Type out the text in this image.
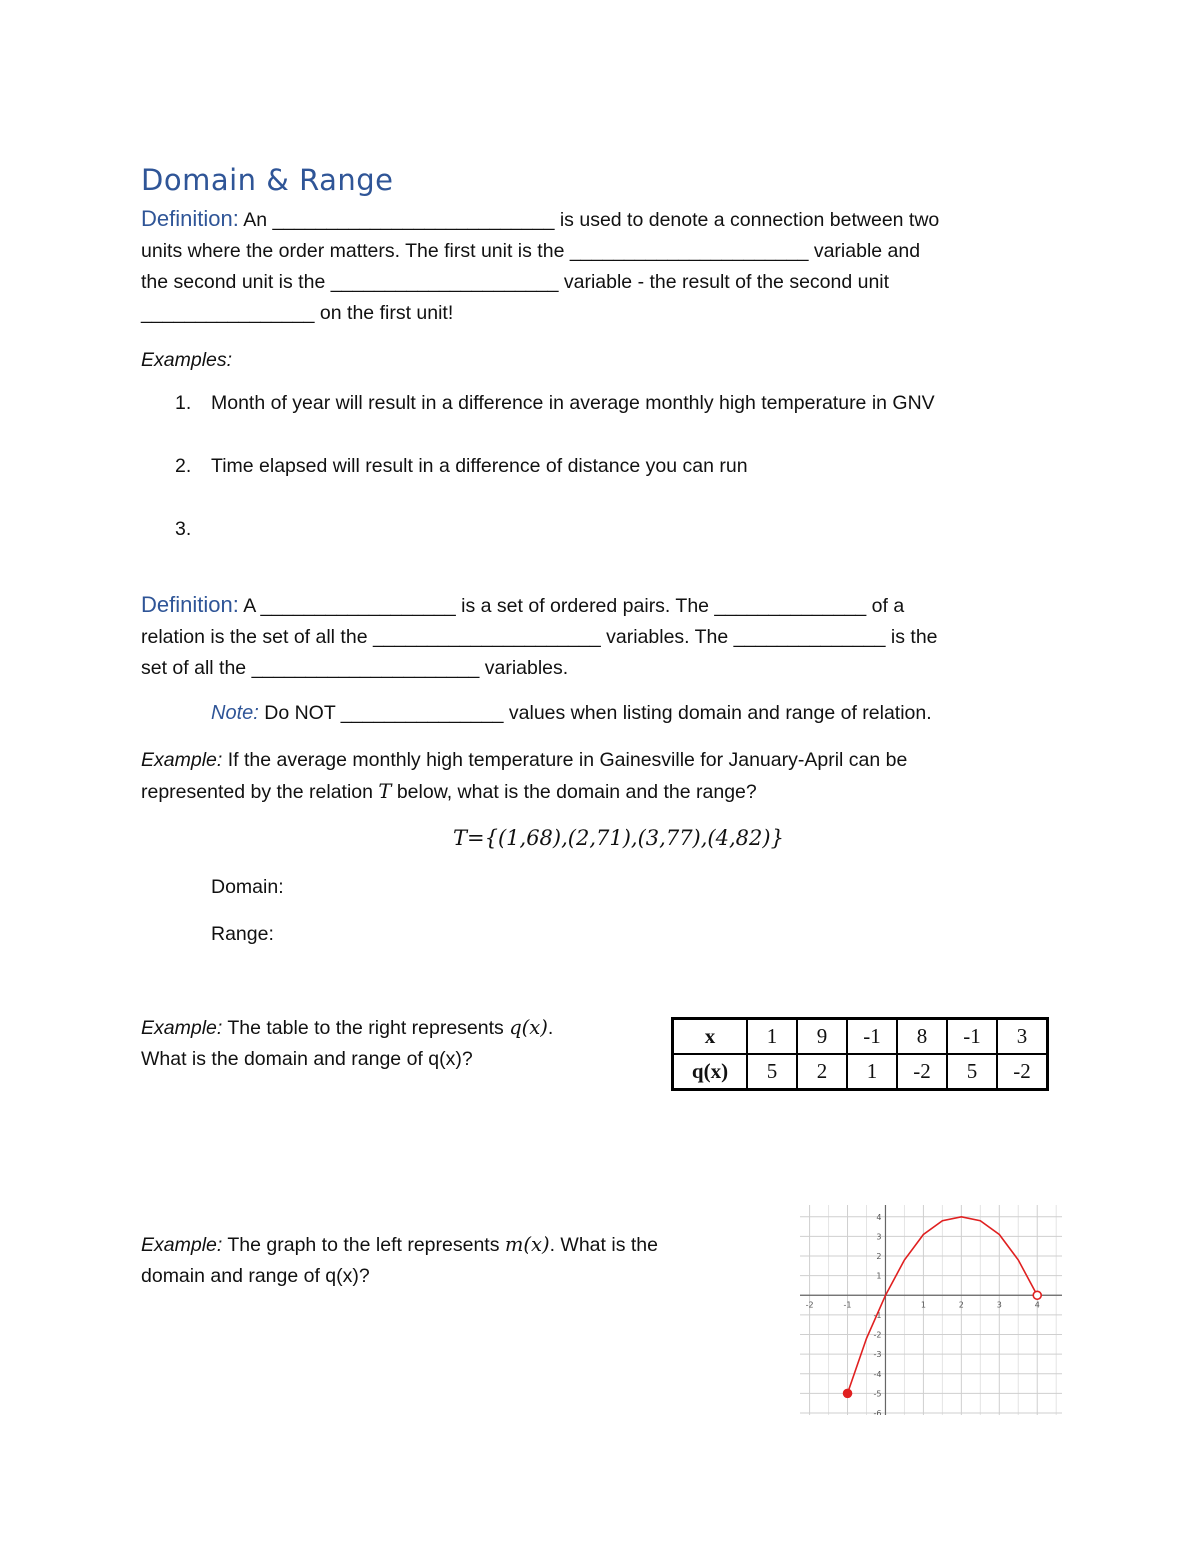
Domain & Range
Definition: An __________________________ is used to denote a connection between two
units where the order matters. The first unit is the ______________________ variable and
the second unit is the _____________________ variable - the result of the second unit
________________ on the first unit!
Examples:
1. Month of year will result in a difference in average monthly high temperature in GNV
2. Time elapsed will result in a difference of distance you can run
3.
Definition: A __________________ is a set of ordered pairs. The ______________ of a
relation is the set of all the _____________________ variables. The ______________ is the
set of all the _____________________ variables.
Note: Do NOT _______________ values when listing domain and range of relation.
Example: If the average monthly high temperature in Gainesville for January-April can be
represented by the relation T below, what is the domain and the range?
T={(1,68),(2,71),(3,77),(4,82)}
Domain:
Range:
Example: The table to the right represents q(x).
What is the domain and range of q(x)?
x	1	9	-1	8	-1	3
q(x)	5	2	1	-2	5	-2
Example: The graph to the left represents m(x). What is the
domain and range of q(x)?
-2	-1	1	2	3	4
4
3
2
1
-1
-2
-3
-4
-5
-6
